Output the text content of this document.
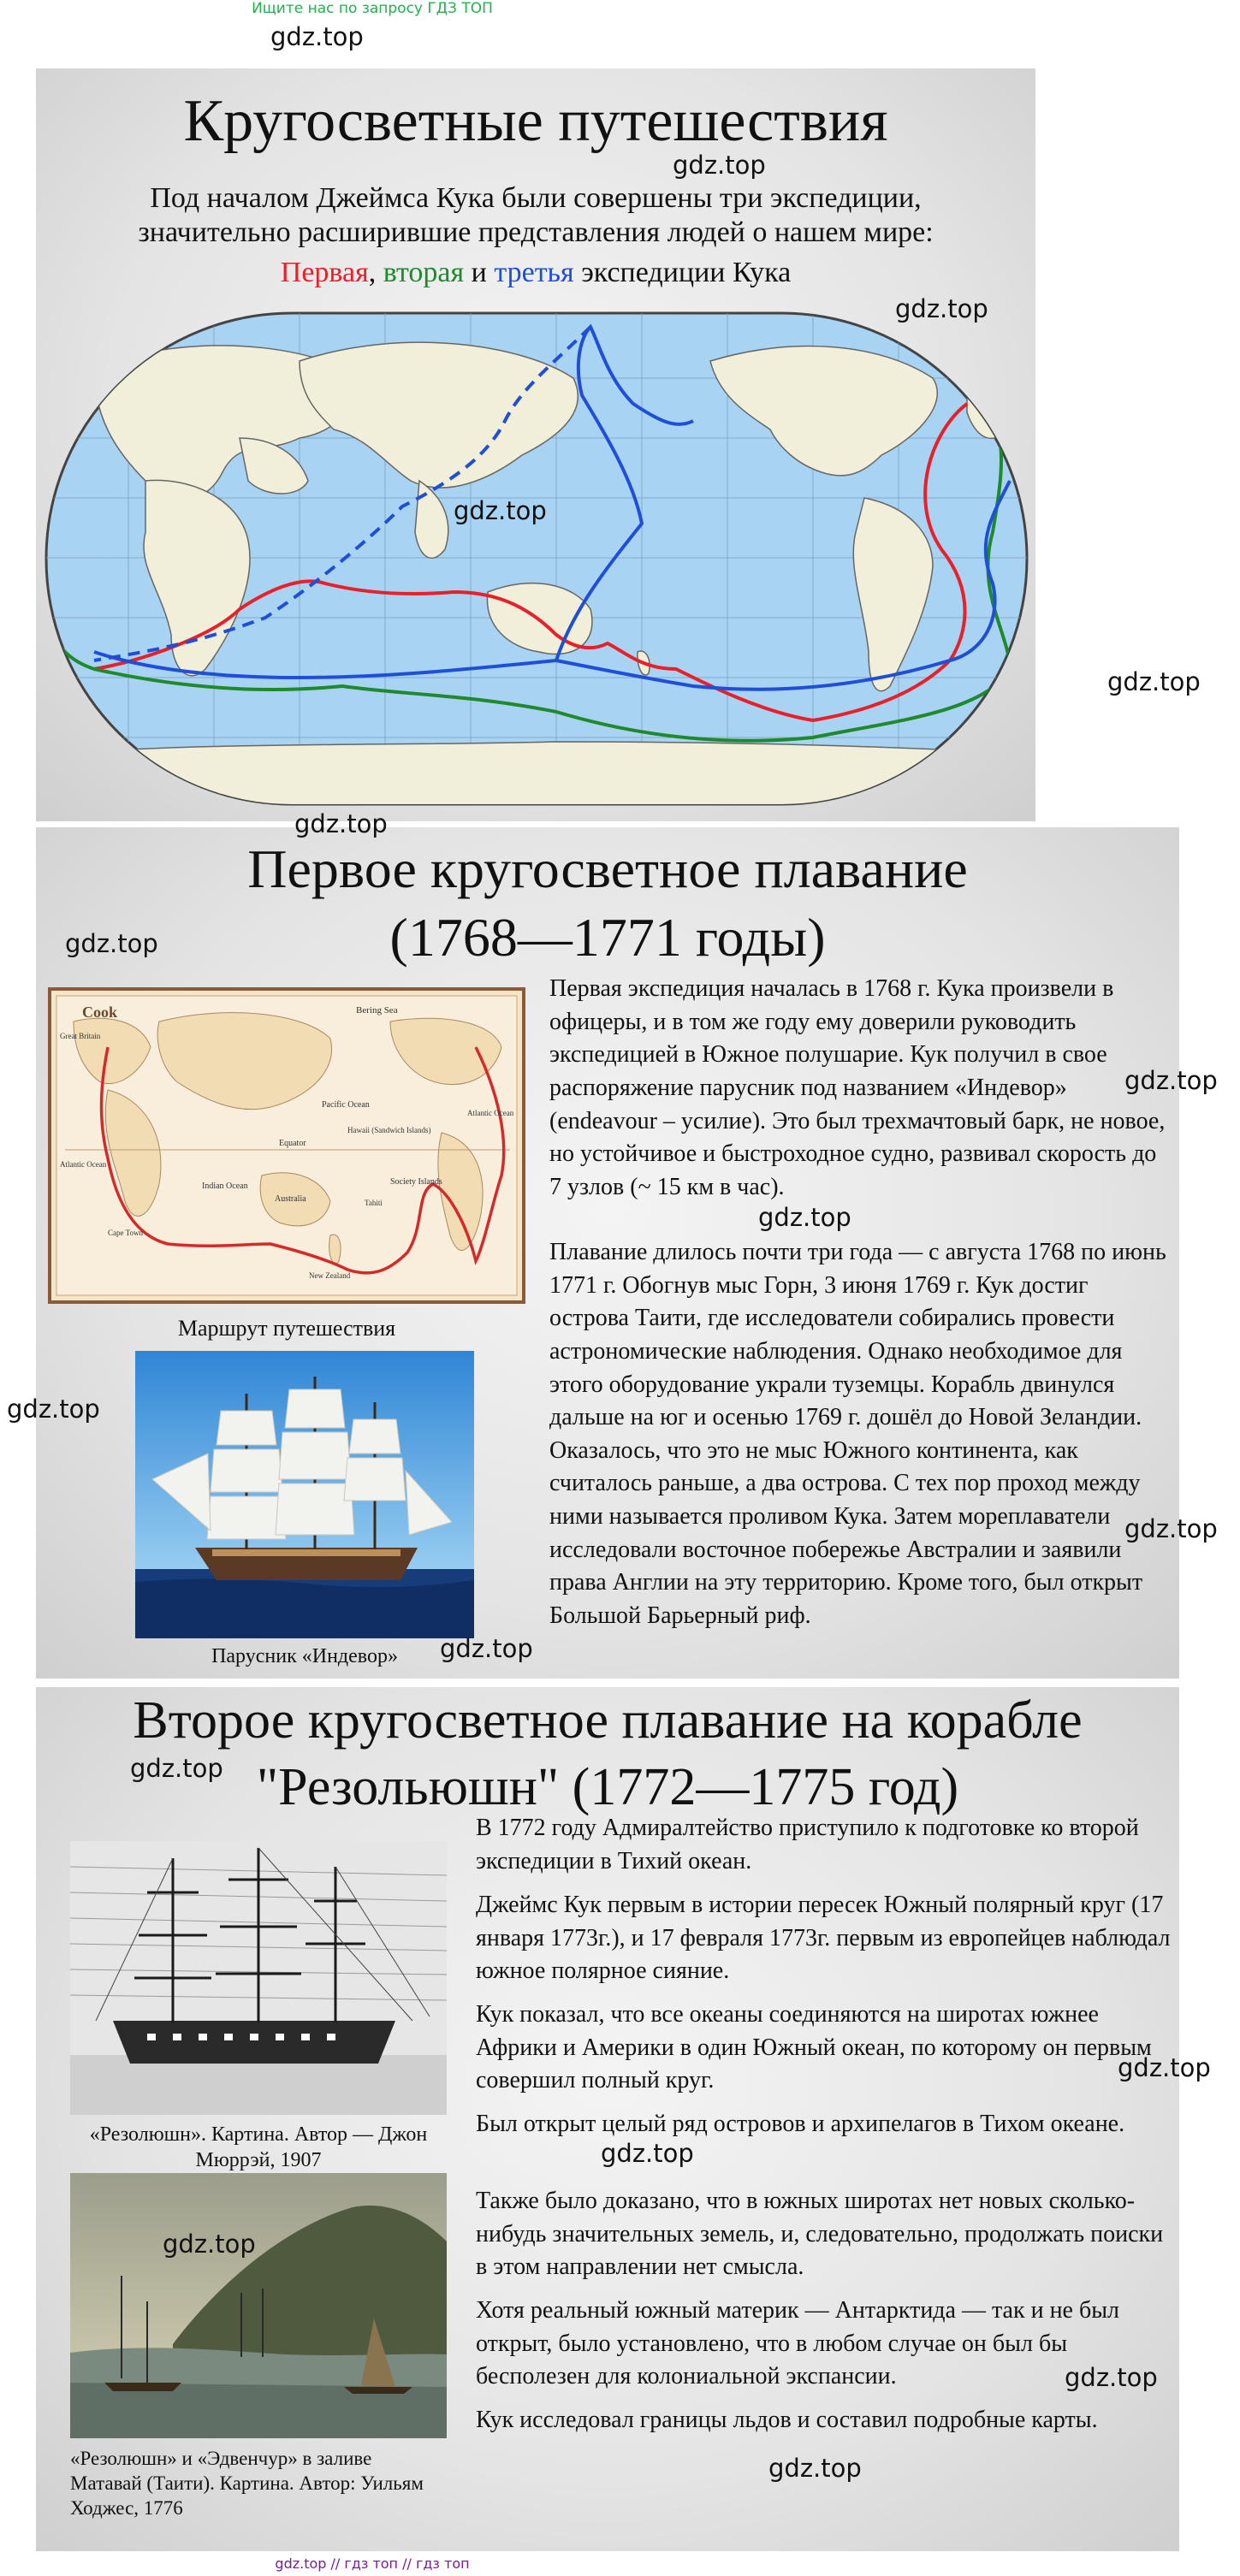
Ищите нас по запросу ГДЗ ТОП
Кругосветные путешествия

Под началом Джеймса Кука были совершены три экспедиции,

значительно расширившие представления людей о нашем мире:

Первая, вторая и третья экспедиции Кука

Первое кругосветное плавание
(1768—1771 годы)
Cook	Bering Sea
Great Britain
Pacific Ocean
Hawaii (Sandwich Islands)
Atlantic Ocean
Equator
Society Islands
Tahiti
Indian Ocean
Australia
Atlantic Ocean
Cape Town
New Zealand

Маршрут путешествия

Парусник «Индевор»

Первая экспедиция началась в 1768 г. Кука произвели в офицеры, и в том же году ему доверили руководить экспедицией в Южное полушарие. Кук получил в свое распоряжение парусник под названием «Индевор» (endeavour – усилие). Это был трехмачтовый барк, не новое, но устойчивое и быстроходное судно, развивал скорость до 7 узлов (~ 15 км в час).

Плавание длилось почти три года — с августа 1768 по июнь 1771 г. Обогнув мыс Горн, 3 июня 1769 г. Кук достиг острова Таити, где исследователи собирались провести астрономические наблюдения. Однако необходимое для этого оборудование украли туземцы. Корабль двинулся дальше на юг и осенью 1769 г. дошёл до Новой Зеландии. Оказалось, что это не мыс Южного континента, как считалось раньше, а два острова. С тех пор проход между ними называется проливом Кука. Затем мореплаватели исследовали восточное побережье Австралии и заявили права Англии на эту территорию. Кроме того, был открыт Большой Барьерный риф.

Второе кругосветное плавание на корабле
"Резольюшн" (1772—1775 год)

«Резолюшн». Картина. Автор — Джон Мюррэй, 1907

«Резолюшн» и «Эдвенчур» в заливе Матавай (Таити). Картина. Автор: Уильям Ходжес, 1776

В 1772 году Адмиралтейство приступило к подготовке ко второй экспедиции в Тихий океан.

Джеймс Кук первым в истории пересек Южный полярный круг (17 января 1773г.), и 17 февраля 1773г. первым из европейцев наблюдал южное полярное сияние.

Кук показал, что все океаны соединяются на широтах южнее Африки и Америки в один Южный океан, по которому он первым совершил полный круг.

Был открыт целый ряд островов и архипелагов в Тихом океане.

Также было доказано, что в южных широтах нет новых сколько-нибудь значительных земель, и, следовательно, продолжать поиски в этом направлении нет смысла.

Хотя реальный южный материк — Антарктида — так и не был открыт, было установлено, что в любом случае он был бы бесполезен для колониальной экспансии.

Кук исследовал границы льдов и составил подробные карты.

gdz.top
gdz.top
gdz.top
gdz.top
gdz.top
gdz.top
gdz.top
gdz.top
gdz.top
gdz.top
gdz.top
gdz.top
gdz.top
gdz.top
gdz.top
gdz.top
gdz.top
gdz.top
gdz.top // гдз топ // гдз топ
